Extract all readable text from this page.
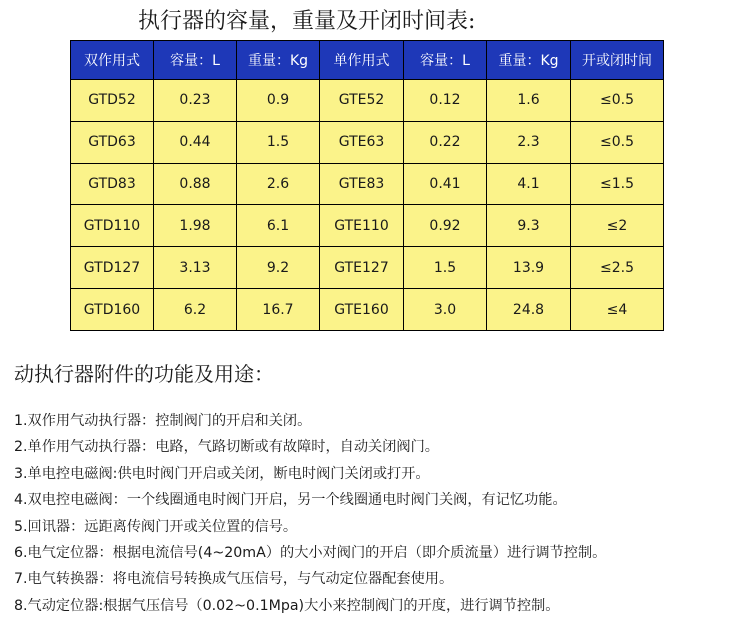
执行器的容量，重量及开闭时间表:
双作用式	容量：L	重量：Kg	单作用式	容量：L	重量：Kg	开或闭时间
GTD52	0.23	0.9	GTE52	0.12	1.6	≤0.5
GTD63	0.44	1.5	GTE63	0.22	2.3	≤0.5
GTD83	0.88	2.6	GTE83	0.41	4.1	≤1.5
GTD110	1.98	6.1	GTE110	0.92	9.3	≤2
GTD127	3.13	9.2	GTE127	1.5	13.9	≤2.5
GTD160	6.2	16.7	GTE160	3.0	24.8	≤4
动执行器附件的功能及用途：
1.双作用气动执行器：控制阀门的开启和关闭。
2.单作用气动执行器：电路，气路切断或有故障时，自动关闭阀门。
3.单电控电磁阀:供电时阀门开启或关闭，断电时阀门关闭或打开。
4.双电控电磁阀：一个线圈通电时阀门开启，另一个线圈通电时阀门关阀，有记忆功能。
5.回讯器：远距离传阀门开或关位置的信号。
6.电气定位器：根据电流信号(4~20mA）的大小对阀门的开启（即介质流量）进行调节控制。
7.电气转换器：将电流信号转换成气压信号，与气动定位器配套使用。
8.气动定位器:根据气压信号（0.02~0.1Mpa)大小来控制阀门的开度，进行调节控制。
